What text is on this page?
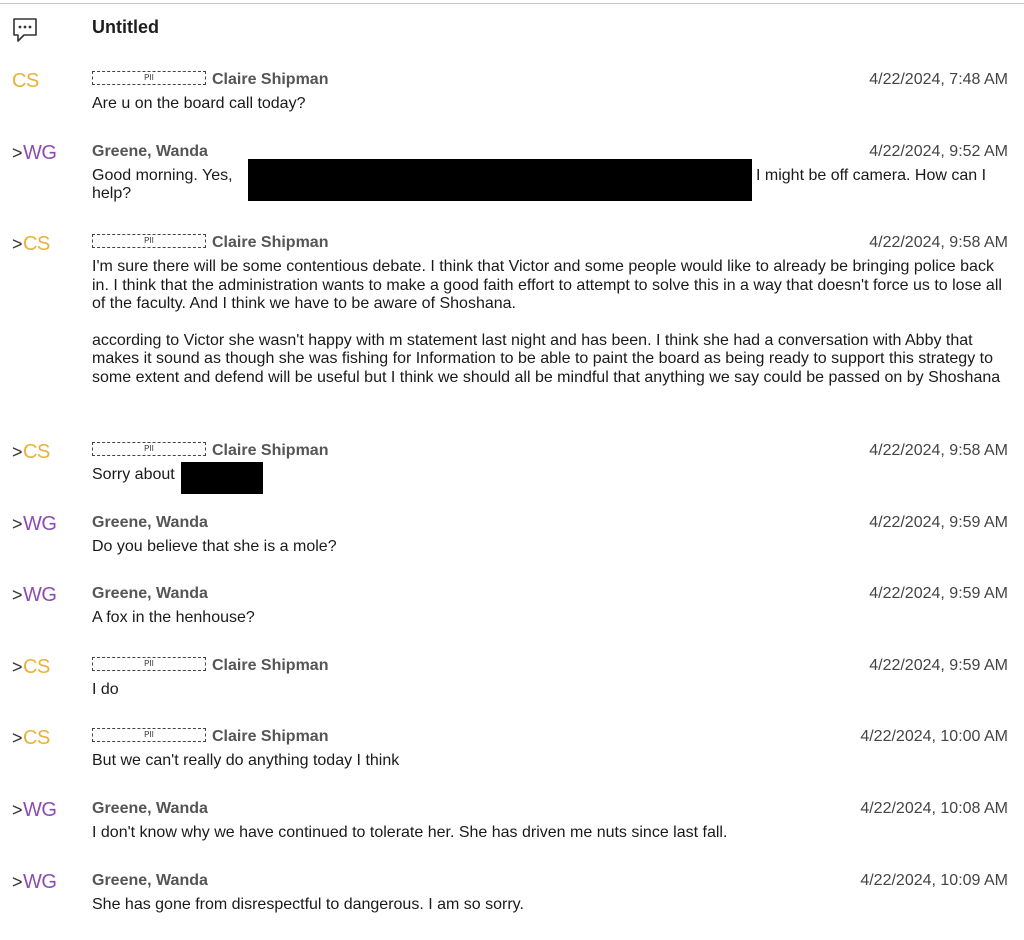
Untitled
CS	PII	Claire Shipman	4/22/2024, 7:48 AM
Are u on the board call today?
>WG Greene, Wanda	4/22/2024, 9:52 AM
Good morning. Yes,	I might be off camera. How can I
help?
>CS	PII	Claire Shipman	4/22/2024, 9:58 AM

I'm sure there will be some contentious debate. I think that Victor and some people would like to already be bringing police back in. I think that the administration wants to make a good faith effort to attempt to solve this in a way that doesn't force us to lose all of the faculty. And I think we have to be aware of Shoshana.

according to Victor she wasn't happy with m statement last night and has been. I think she had a conversation with Abby that makes it sound as though she was fishing for Information to be able to paint the board as being ready to support this strategy to some extent and defend will be useful but I think we should all be mindful that anything we say could be passed on by Shoshana

>CS	PII	Claire Shipman	4/22/2024, 9:58 AM
Sorry about
>WG Greene, Wanda	4/22/2024, 9:59 AM
Do you believe that she is a mole?
>WG Greene, Wanda	4/22/2024, 9:59 AM
A fox in the henhouse?
>CS	PII	Claire Shipman	4/22/2024, 9:59 AM
I do
>CS	PII	Claire Shipman	4/22/2024, 10:00 AM
But we can't really do anything today I think
>WG Greene, Wanda	4/22/2024, 10:08 AM
I don't know why we have continued to tolerate her. She has driven me nuts since last fall.
>WG Greene, Wanda	4/22/2024, 10:09 AM
She has gone from disrespectful to dangerous. I am so sorry.
